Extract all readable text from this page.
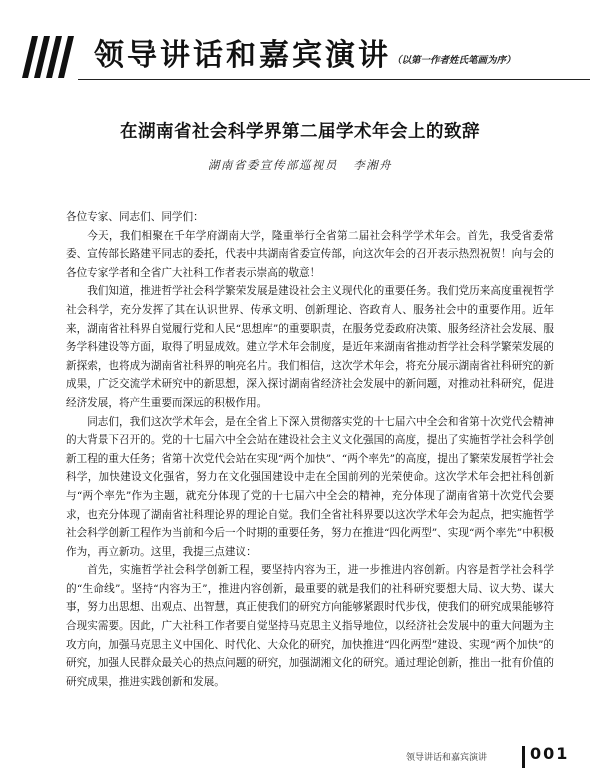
领导讲话和嘉宾演讲 （以第一作者姓氏笔画为序）
在湖南省社会科学界第二届学术年会上的致辞
湖南省委宣传部巡视员 李湘舟

各位专家、同志们、同学们：

今天，我们相聚在千年学府湖南大学，隆重举行全省第二届社会科学学术年会。首先，我受省委常委、宣传部长路建平同志的委托，代表中共湖南省委宣传部，向这次年会的召开表示热烈祝贺！向与会的各位专家学者和全省广大社科工作者表示崇高的敬意！

我们知道，推进哲学社会科学繁荣发展是建设社会主义现代化的重要任务。我们党历来高度重视哲学社会科学，充分发挥了其在认识世界、传承文明、创新理论、咨政育人、服务社会中的重要作用。近年来，湖南省社科界自觉履行党和人民“思想库”的重要职责，在服务党委政府决策、服务经济社会发展、服务学科建设等方面，取得了明显成效。建立学术年会制度，是近年来湖南省推动哲学社会科学繁荣发展的新探索，也将成为湖南省社科界的响亮名片。我们相信，这次学术年会，将充分展示湖南省社科研究的新成果，广泛交流学术研究中的新思想，深入探讨湖南省经济社会发展中的新问题，对推动社科研究，促进经济发展，将产生重要而深远的积极作用。

同志们，我们这次学术年会，是在全省上下深入贯彻落实党的十七届六中全会和省第十次党代会精神的大背景下召开的。党的十七届六中全会站在建设社会主义文化强国的高度，提出了实施哲学社会科学创新工程的重大任务；省第十次党代会站在实现“两个加快”、“两个率先”的高度，提出了繁荣发展哲学社会科学，加快建设文化强省，努力在文化强国建设中走在全国前列的光荣使命。这次学术年会把社科创新与“两个率先”作为主题，就充分体现了党的十七届六中全会的精神，充分体现了湖南省第十次党代会要求，也充分体现了湖南省社科理论界的理论自觉。我们全省社科界要以这次学术年会为起点，把实施哲学社会科学创新工程作为当前和今后一个时期的重要任务，努力在推进“四化两型”、实现“两个率先”中积极作为，再立新功。这里，我提三点建议：

首先，实施哲学社会科学创新工程，要坚持内容为王，进一步推进内容创新。内容是哲学社会科学的“生命线”。坚持“内容为王”，推进内容创新，最重要的就是我们的社科研究要想大局、议大势、谋大事，努力出思想、出观点、出智慧，真正使我们的研究方向能够紧跟时代步伐，使我们的研究成果能够符合现实需要。因此，广大社科工作者要自觉坚持马克思主义指导地位，以经济社会发展中的重大问题为主攻方向，加强马克思主义中国化、时代化、大众化的研究，加快推进“四化两型”建设、实现“两个加快”的研究，加强人民群众最关心的热点问题的研究，加强湖湘文化的研究。通过理论创新，推出一批有价值的研究成果，推进实践创新和发展。

领导讲话和嘉宾演讲	001
